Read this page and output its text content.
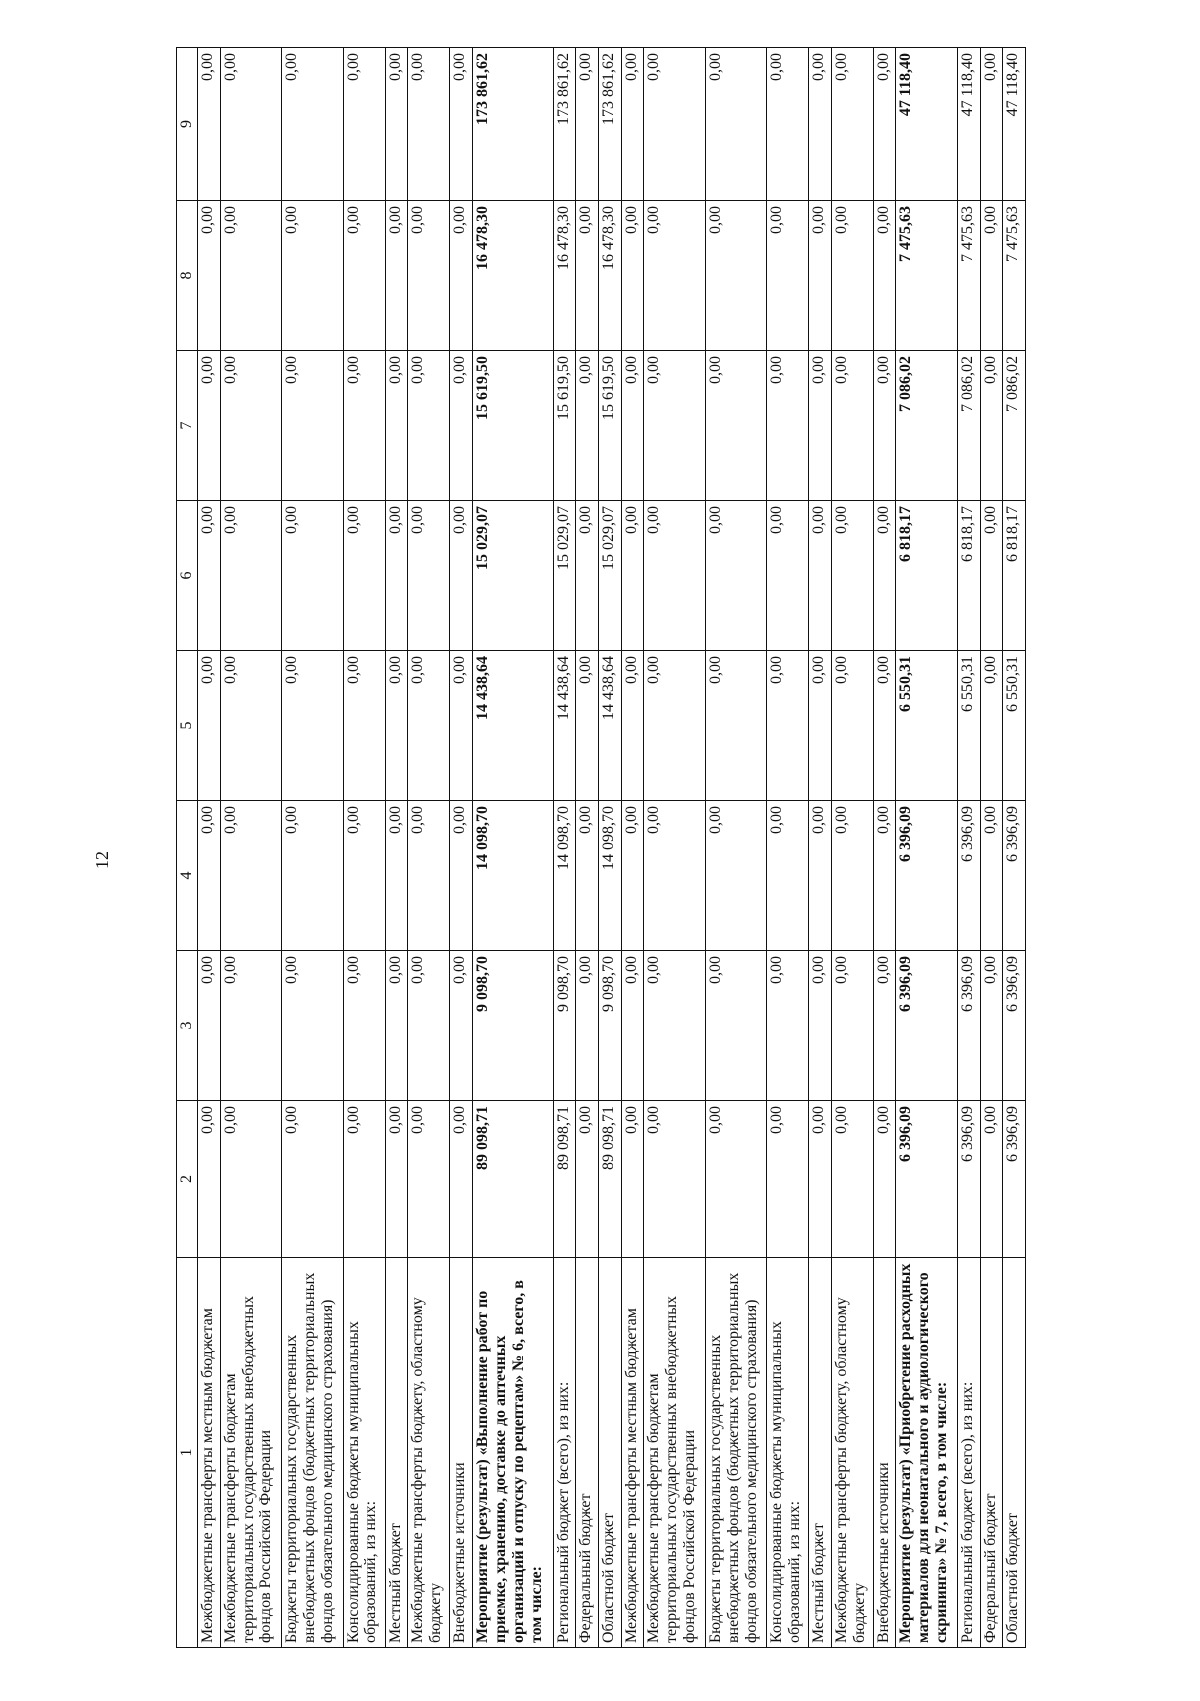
12
1	2	3	4	5	6	7	8	9
Межбюджетные трансферты местным бюджетам	0,00	0,00	0,00	0,00	0,00	0,00	0,00	0,00
Межбюджетные трансферты бюджетам территориальных государственных внебюджетных фондов Российской Федерации	0,00	0,00	0,00	0,00	0,00	0,00	0,00	0,00
Бюджеты территориальных государственных внебюджетных фондов (бюджетных территориальных фондов обязательного медицинского страхования)	0,00	0,00	0,00	0,00	0,00	0,00	0,00	0,00
Консолидированные бюджеты муниципальных образований, из них:	0,00	0,00	0,00	0,00	0,00	0,00	0,00	0,00
Местный бюджет	0,00	0,00	0,00	0,00	0,00	0,00	0,00	0,00
Межбюджетные трансферты бюджету, областному бюджету	0,00	0,00	0,00	0,00	0,00	0,00	0,00	0,00
Внебюджетные источники	0,00	0,00	0,00	0,00	0,00	0,00	0,00	0,00
Мероприятие (результат) «Выполнение работ по приемке, хранению, доставке до аптечных организаций и отпуску по рецептам» № 6, всего, в том числе:	89 098,71	9 098,70	14 098,70	14 438,64	15 029,07	15 619,50	16 478,30	173 861,62
Региональный бюджет (всего), из них:	89 098,71	9 098,70	14 098,70	14 438,64	15 029,07	15 619,50	16 478,30	173 861,62
Федеральный бюджет	0,00	0,00	0,00	0,00	0,00	0,00	0,00	0,00
Областной бюджет	89 098,71	9 098,70	14 098,70	14 438,64	15 029,07	15 619,50	16 478,30	173 861,62
Межбюджетные трансферты местным бюджетам	0,00	0,00	0,00	0,00	0,00	0,00	0,00	0,00
Межбюджетные трансферты бюджетам территориальных государственных внебюджетных фондов Российской Федерации	0,00	0,00	0,00	0,00	0,00	0,00	0,00	0,00
Бюджеты территориальных государственных внебюджетных фондов (бюджетных территориальных фондов обязательного медицинского страхования)	0,00	0,00	0,00	0,00	0,00	0,00	0,00	0,00
Консолидированные бюджеты муниципальных образований, из них:	0,00	0,00	0,00	0,00	0,00	0,00	0,00	0,00
Местный бюджет	0,00	0,00	0,00	0,00	0,00	0,00	0,00	0,00
Межбюджетные трансферты бюджету, областному бюджету	0,00	0,00	0,00	0,00	0,00	0,00	0,00	0,00
Внебюджетные источники	0,00	0,00	0,00	0,00	0,00	0,00	0,00	0,00
Мероприятие (результат) «Приобретение расходных материалов для неонатального и аудиологического скрининга» № 7, всего, в том числе:	6 396,09	6 396,09	6 396,09	6 550,31	6 818,17	7 086,02	7 475,63	47 118,40
Региональный бюджет (всего), из них:	6 396,09	6 396,09	6 396,09	6 550,31	6 818,17	7 086,02	7 475,63	47 118,40
Федеральный бюджет	0,00	0,00	0,00	0,00	0,00	0,00	0,00	0,00
Областной бюджет	6 396,09	6 396,09	6 396,09	6 550,31	6 818,17	7 086,02	7 475,63	47 118,40
